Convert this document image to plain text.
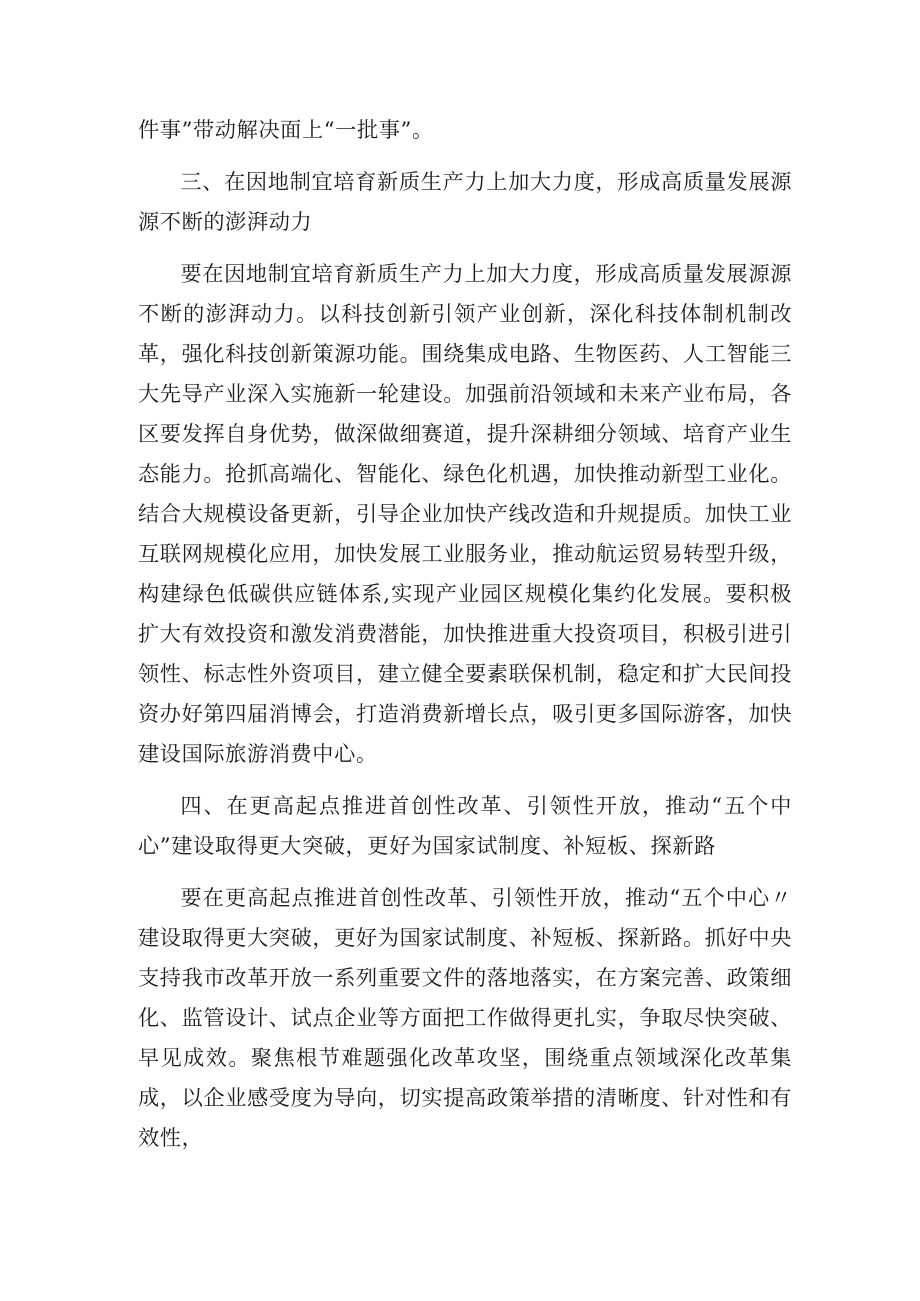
件事”带动解决面上“一批事”。

三、在因地制宜培育新质生产力上加大力度，形成高质量发展源源不断的澎湃动力

要在因地制宜培育新质生产力上加大力度，形成高质量发展源源不断的澎湃动力。以科技创新引领产业创新，深化科技体制机制改革，强化科技创新策源功能。围绕集成电路、生物医药、人工智能三大先导产业深入实施新一轮建设。加强前沿领域和未来产业布局，各区要发挥自身优势，做深做细赛道，提升深耕细分领域、培育产业生态能力。抢抓高端化、智能化、绿色化机遇，加快推动新型工业化。结合大规模设备更新，引导企业加快产线改造和升规提质。加快工业互联网规模化应用，加快发展工业服务业，推动航运贸易转型升级，构建绿色低碳供应链体系,实现产业园区规模化集约化发展。要积极扩大有效投资和激发消费潜能，加快推进重大投资项目，积极引进引领性、标志性外资项目，建立健全要素联保机制，稳定和扩大民间投资办好第四届消博会，打造消费新增长点，吸引更多国际游客，加快建设国际旅游消费中心。

四、在更高起点推进首创性改革、引领性开放，推动“五个中心”建设取得更大突破，更好为国家试制度、补短板、探新路

要在更高起点推进首创性改革、引领性开放，推动“五个中心〃建设取得更大突破，更好为国家试制度、补短板、探新路。抓好中央支持我市改革开放一系列重要文件的落地落实，在方案完善、政策细化、监管设计、试点企业等方面把工作做得更扎实，争取尽快突破、早见成效。聚焦根节难题强化改革攻坚，围绕重点领域深化改革集成，以企业感受度为导向，切实提高政策举措的清晰度、针对性和有效性，
